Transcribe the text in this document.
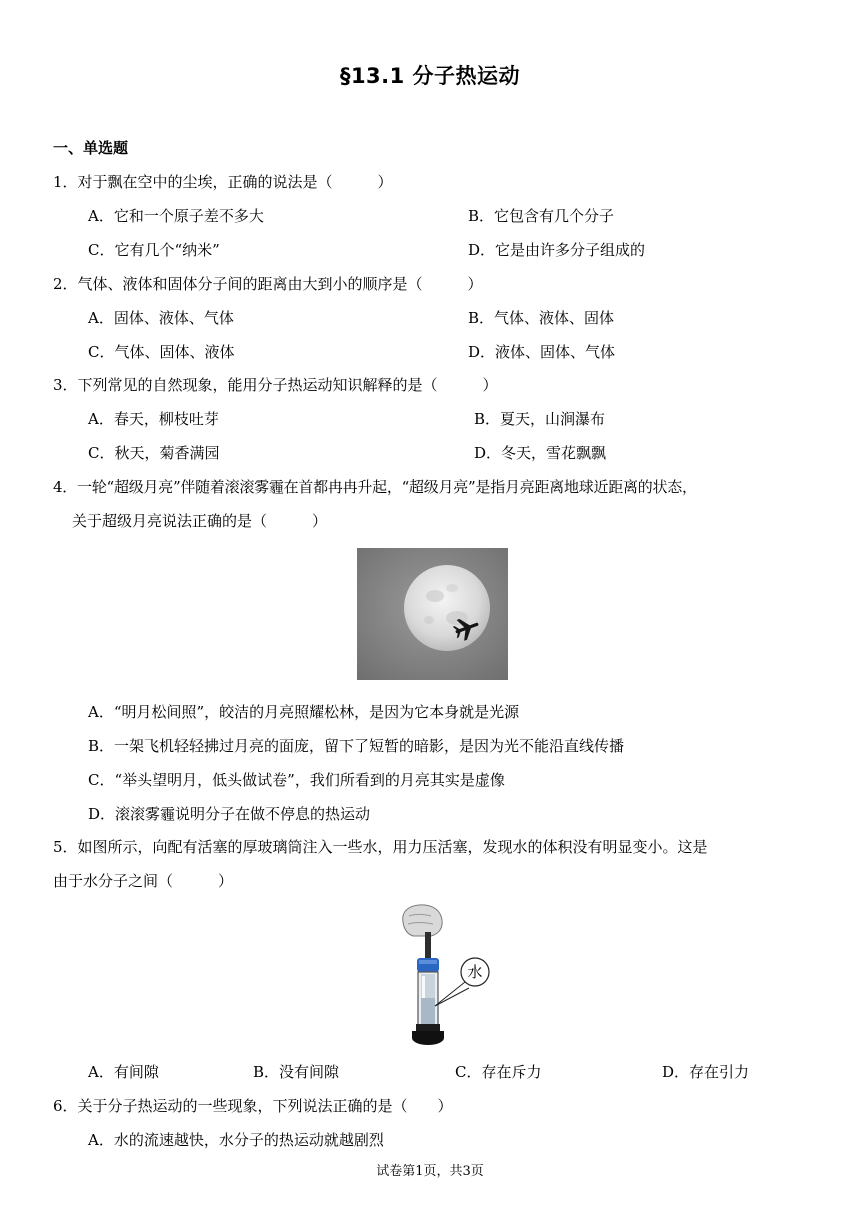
§13.1 分子热运动
一、单选题
1．对于飘在空中的尘埃，正确的说法是（　　　）
A．它和一个原子差不多大	B．它包含有几个分子
C．它有几个“纳米”	D．它是由许多分子组成的
2．气体、液体和固体分子间的距离由大到小的顺序是（　　　）
A．固体、液体、气体	B．气体、液体、固体
C．气体、固体、液体	D．液体、固体、气体
3．下列常见的自然现象，能用分子热运动知识解释的是（　　　）
A．春天，柳枝吐芽	B．夏天，山涧瀑布
C．秋天，菊香满园	D．冬天，雪花飘飘
4．一轮“超级月亮”伴随着滚滚雾霾在首都冉冉升起，“超级月亮”是指月亮距离地球近距离的状态，
关于超级月亮说法正确的是（　　　）
A．“明月松间照”，皎洁的月亮照耀松林，是因为它本身就是光源
B．一架飞机轻轻拂过月亮的面庞，留下了短暂的暗影，是因为光不能沿直线传播
C．“举头望明月，低头做试卷”，我们所看到的月亮其实是虚像
D．滚滚雾霾说明分子在做不停息的热运动
5．如图所示，向配有活塞的厚玻璃筒注入一些水，用力压活塞，发现水的体积没有明显变小。这是
由于水分子之间（　　　）
水
A．有间隙	B．没有间隙	C．存在斥力	D．存在引力
6．关于分子热运动的一些现象，下列说法正确的是（　　）
A．水的流速越快，水分子的热运动就越剧烈
试卷第1页，共3页
